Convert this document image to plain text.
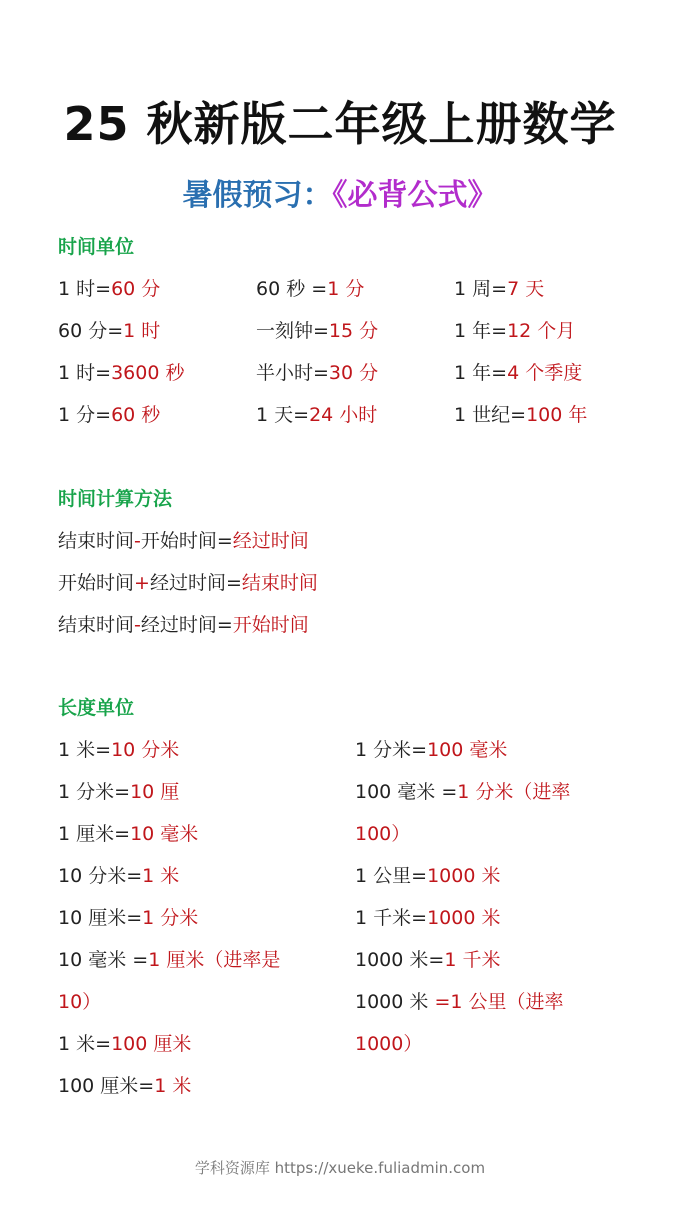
25 秋新版二年级上册数学
暑假预习：《必背公式》
时间单位
1 时=60 分
60 分=1 时
1 时=3600 秒
1 分=60 秒
60 秒 =1 分
一刻钟=15 分
半小时=30 分
1 天=24 小时
1 周=7 天
1 年=12 个月
1 年=4 个季度
1 世纪=100 年
时间计算方法
结束时间-开始时间=经过时间
开始时间+经过时间=结束时间
结束时间-经过时间=开始时间
长度单位
1 米=10 分米
1 分米=10 厘
1 厘米=10 毫米
10 分米=1 米
10 厘米=1 分米
10 毫米 =1 厘米（进率是
10）
1 米=100 厘米
100 厘米=1 米
1 分米=100 毫米
100 毫米 =1 分米（进率
100）
1 公里=1000 米
1 千米=1000 米
1000 米=1 千米
1000 米 =1 公里（进率
1000）
学科资源库 https://xueke.fuliadmin.com
